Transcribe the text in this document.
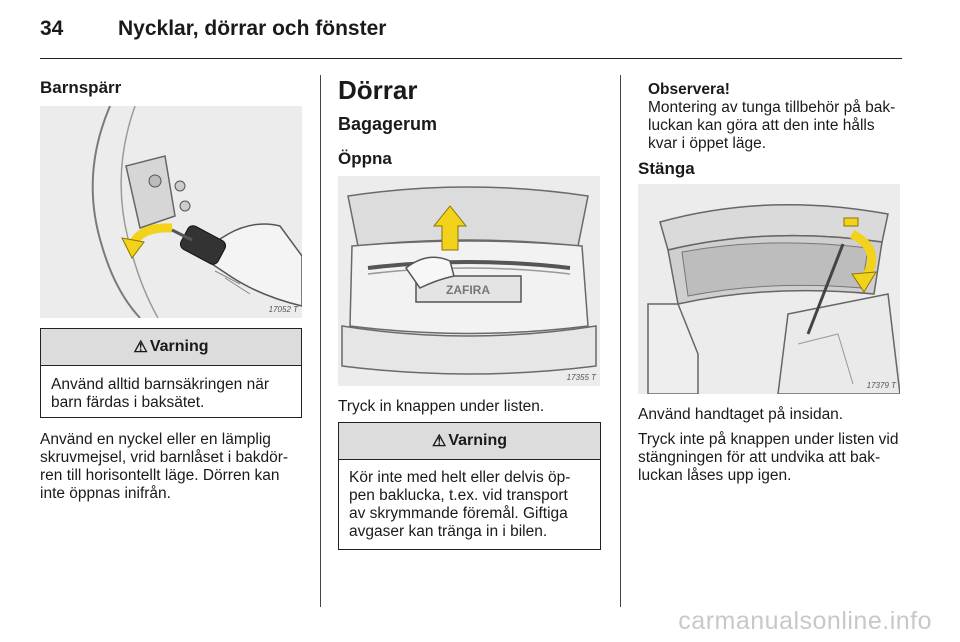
34	Nycklar, dörrar och fönster
Barnspärr
17052 T
⚠ Varning
Använd alltid barnsäkringen när barn färdas i baksätet.

Använd en nyckel eller en lämplig

skruvmejsel, vrid barnlåset i bakdör-

ren till horisontellt läge. Dörren kan

inte öppnas inifrån.

Dörrar
Bagagerum
Öppna
ZAFIRA
17355 T

Tryck in knappen under listen.

⚠ Varning
Kör inte med helt eller delvis öp-
pen baklucka, t.ex. vid transport
av skrymmande föremål. Giftiga
avgaser kan tränga in i bilen.

Observera!

Montering av tunga tillbehör på bak-

luckan kan göra att den inte hålls

kvar i öppet läge.

Stänga
17379 T

Använd handtaget på insidan.

Tryck inte på knappen under listen vid

stängningen för att undvika att bak-

luckan låses upp igen.

carmanualsonline.info
